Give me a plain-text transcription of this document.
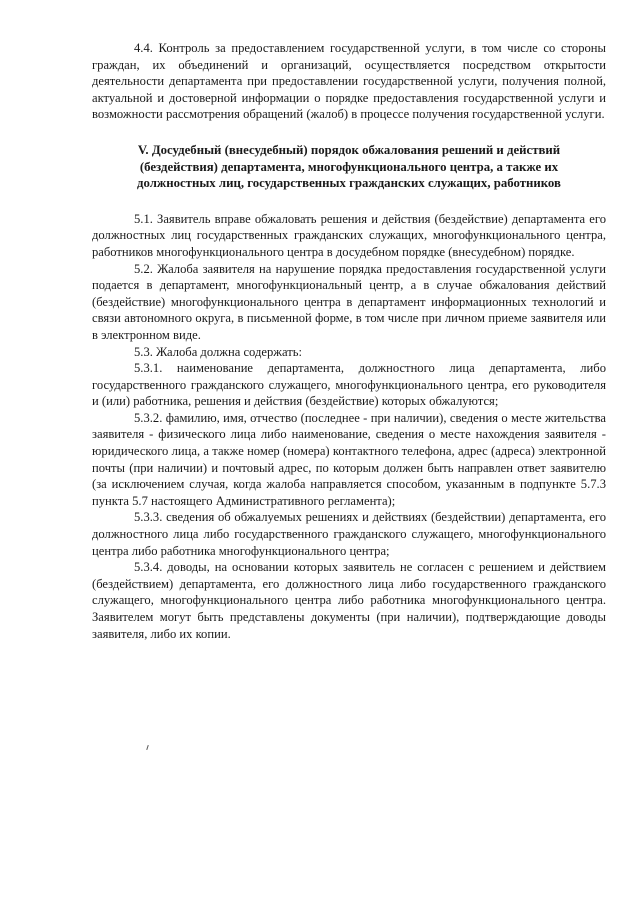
4.4. Контроль за предоставлением государственной услуги, в том числе со стороны граждан, их объединений и организаций, осуществляется посредством открытости деятельности департамента при предоставлении государственной услуги, получения полной, актуальной и достоверной информации о порядке предоставления государственной услуги и возможности рассмотрения обращений (жалоб) в процессе получения государственной услуги.

V. Досудебный (внесудебный) порядок обжалования решений и действий (бездействия) департамента, многофункционального центра, а также их должностных лиц, государственных гражданских служащих, работников

5.1. Заявитель вправе обжаловать решения и действия (бездействие) департамента его должностных лиц государственных гражданских служащих, многофункционального центра, работников многофункционального центра в досудебном порядке (внесудебном) порядке.

5.2. Жалоба заявителя на нарушение порядка предоставления государственной услуги подается в департамент, многофункциональный центр, а в случае обжалования действий (бездействие) многофункционального центра в департамент информационных технологий и связи автономного округа, в письменной форме, в том числе при личном приеме заявителя или в электронном виде.

5.3. Жалоба должна содержать:

5.3.1. наименование департамента, должностного лица департамента, либо государственного гражданского служащего, многофункционального центра, его руководителя и (или) работника, решения и действия (бездействие) которых обжалуются;

5.3.2. фамилию, имя, отчество (последнее - при наличии), сведения о месте жительства заявителя - физического лица либо наименование, сведения о месте нахождения заявителя - юридического лица, а также номер (номера) контактного телефона, адрес (адреса) электронной почты (при наличии) и почтовый адрес, по которым должен быть направлен ответ заявителю (за исключением случая, когда жалоба направляется способом, указанным в подпункте 5.7.3 пункта 5.7 настоящего Административного регламента);

5.3.3. сведения об обжалуемых решениях и действиях (бездействии) департамента, его должностного лица либо государственного гражданского служащего, многофункционального центра либо работника многофункционального центра;

5.3.4. доводы, на основании которых заявитель не согласен с решением и действием (бездействием) департамента, его должностного лица либо государственного гражданского служащего, многофункционального центра либо работника многофункционального центра. Заявителем могут быть представлены документы (при наличии), подтверждающие доводы заявителя, либо их копии.
